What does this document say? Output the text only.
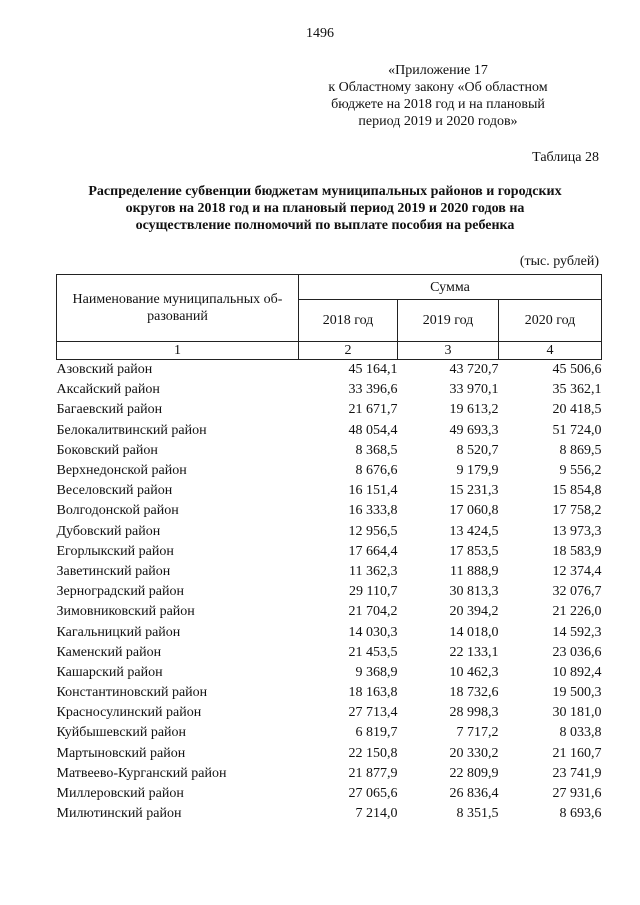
1496
«Приложение 17
к Областному закону «Об областном
бюджете на 2018 год и на плановый
период 2019 и 2020 годов»
Таблица 28
Распределение субвенции бюджетам муниципальных районов и городских
округов на 2018 год и на плановый период 2019 и 2020 годов на
осуществление полномочий по выплате пособия на ребенка
(тыс. рублей)
Наименование муниципальных об-разований	Сумма		
	2018 год	2019 год	2020 год
1	2	3	4
Азовский район	45 164,1	43 720,7	45 506,6
Аксайский район	33 396,6	33 970,1	35 362,1
Багаевский район	21 671,7	19 613,2	20 418,5
Белокалитвинский район	48 054,4	49 693,3	51 724,0
Боковский район	8 368,5	8 520,7	8 869,5
Верхнедонской район	8 676,6	9 179,9	9 556,2
Веселовский район	16 151,4	15 231,3	15 854,8
Волгодонской район	16 333,8	17 060,8	17 758,2
Дубовский район	12 956,5	13 424,5	13 973,3
Егорлыкский район	17 664,4	17 853,5	18 583,9
Заветинский район	11 362,3	11 888,9	12 374,4
Зерноградский район	29 110,7	30 813,3	32 076,7
Зимовниковский район	21 704,2	20 394,2	21 226,0
Кагальницкий район	14 030,3	14 018,0	14 592,3
Каменский район	21 453,5	22 133,1	23 036,6
Кашарский район	9 368,9	10 462,3	10 892,4
Константиновский район	18 163,8	18 732,6	19 500,3
Красносулинский район	27 713,4	28 998,3	30 181,0
Куйбышевский район	6 819,7	7 717,2	8 033,8
Мартыновский район	22 150,8	20 330,2	21 160,7
Матвеево-Курганский район	21 877,9	22 809,9	23 741,9
Миллеровский район	27 065,6	26 836,4	27 931,6
Милютинский район	7 214,0	8 351,5	8 693,6
